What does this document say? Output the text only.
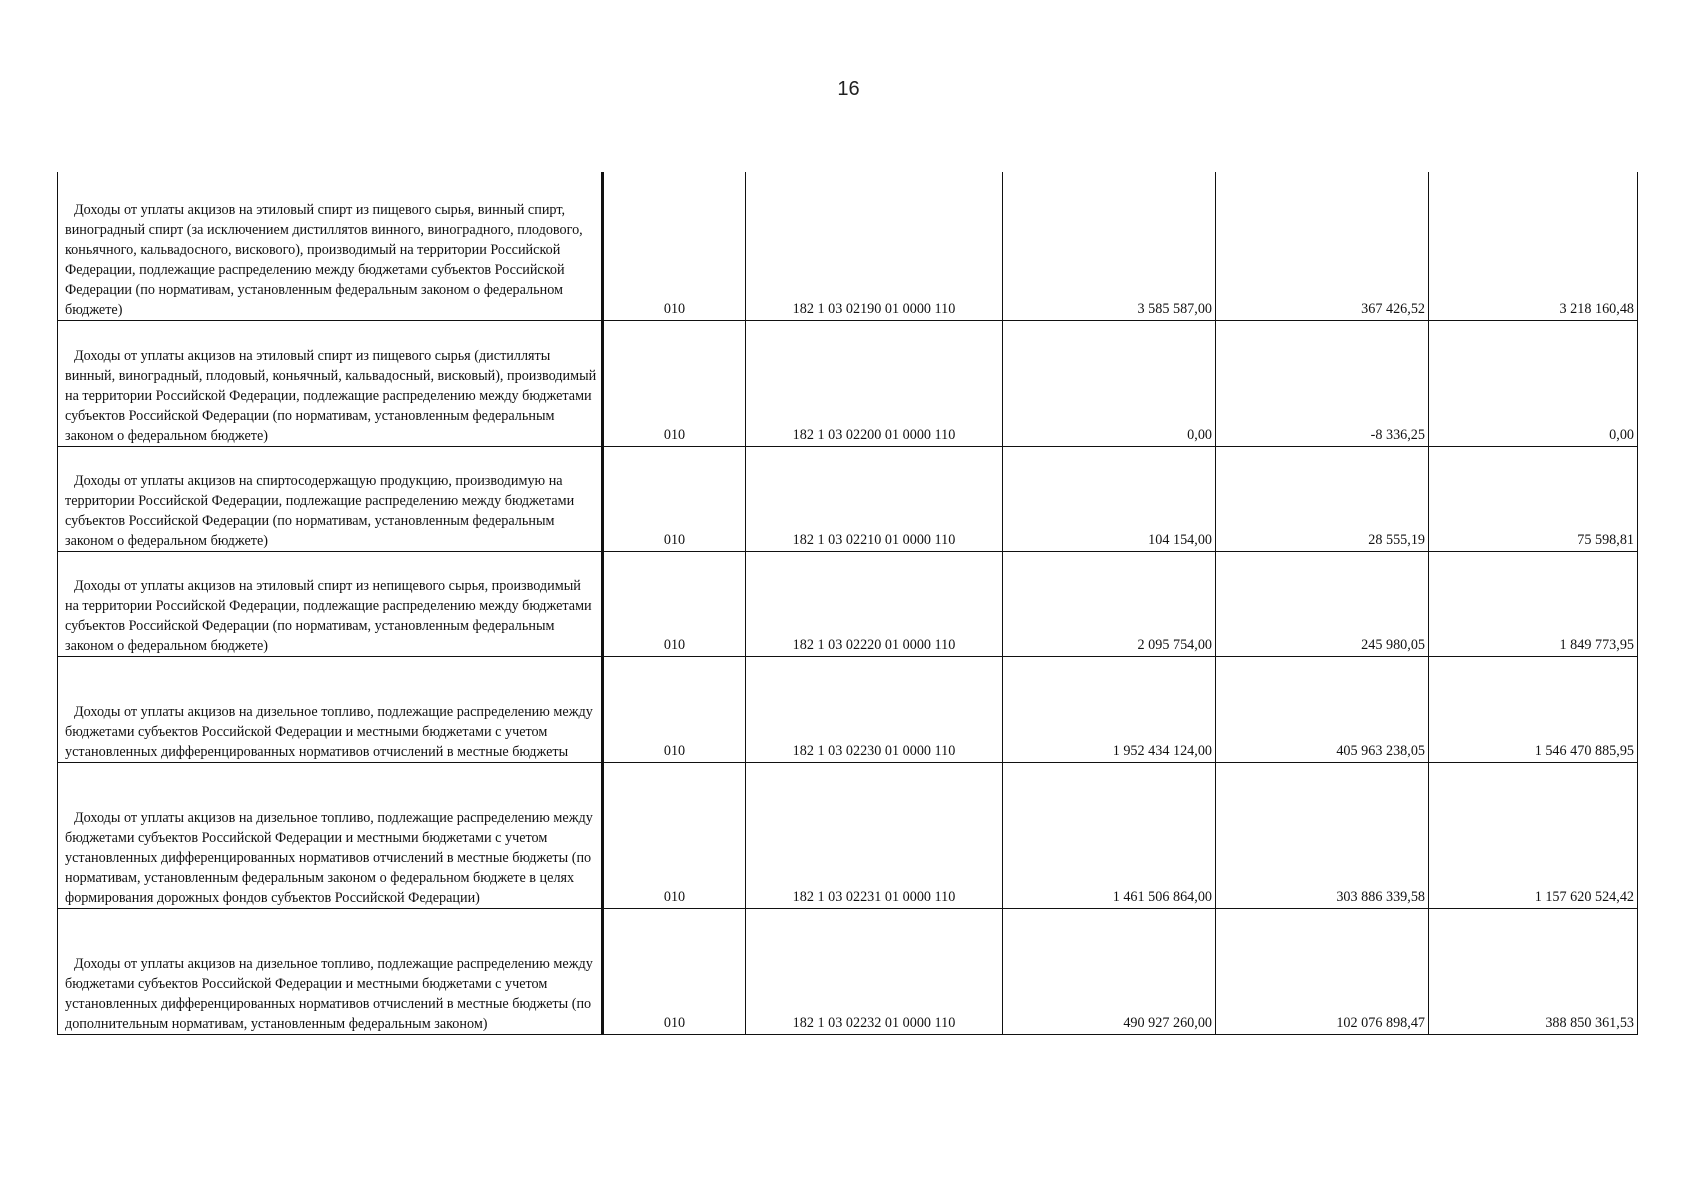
16
Доходы от уплаты акцизов на этиловый спирт из пищевого сырья, винный спирт, виноградный спирт (за исключением дистиллятов винного, виноградного, плодового, коньячного, кальвадосного, вискового), производимый на территории Российской Федерации, подлежащие распределению между бюджетами субъектов Российской Федерации (по нормативам, установленным федеральным законом о федеральном бюджете)	010	182 1 03 02190 01 0000 110	3 585 587,00	367 426,52	3 218 160,48

Доходы от уплаты акцизов на этиловый спирт из пищевого сырья (дистилляты винный, виноградный, плодовый, коньячный, кальвадосный, висковый), производимый на территории Российской Федерации, подлежащие распределению между бюджетами субъектов Российской Федерации (по нормативам, установленным федеральным законом о федеральном бюджете)	010	182 1 03 02200 01 0000 110	0,00	-8 336,25	0,00

Доходы от уплаты акцизов на спиртосодержащую продукцию, производимую на территории Российской Федерации, подлежащие распределению между бюджетами субъектов Российской Федерации (по нормативам, установленным федеральным законом о федеральном бюджете)	010	182 1 03 02210 01 0000 110	104 154,00	28 555,19	75 598,81

Доходы от уплаты акцизов на этиловый спирт из непищевого сырья, производимый на территории Российской Федерации, подлежащие распределению между бюджетами субъектов Российской Федерации (по нормативам, установленным федеральным законом о федеральном бюджете)	010	182 1 03 02220 01 0000 110	2 095 754,00	245 980,05	1 849 773,95

Доходы от уплаты акцизов на дизельное топливо, подлежащие распределению между бюджетами субъектов Российской Федерации и местными бюджетами с учетом установленных дифференцированных нормативов отчислений в местные бюджеты	010	182 1 03 02230 01 0000 110	1 952 434 124,00	405 963 238,05	1 546 470 885,95

Доходы от уплаты акцизов на дизельное топливо, подлежащие распределению между бюджетами субъектов Российской Федерации и местными бюджетами с учетом установленных дифференцированных нормативов отчислений в местные бюджеты (по нормативам, установленным федеральным законом о федеральном бюджете в целях формирования дорожных фондов субъектов Российской Федерации)	010	182 1 03 02231 01 0000 110	1 461 506 864,00	303 886 339,58	1 157 620 524,42

Доходы от уплаты акцизов на дизельное топливо, подлежащие распределению между бюджетами субъектов Российской Федерации и местными бюджетами с учетом установленных дифференцированных нормативов отчислений в местные бюджеты (по дополнительным нормативам, установленным федеральным законом)	010	182 1 03 02232 01 0000 110	490 927 260,00	102 076 898,47	388 850 361,53
